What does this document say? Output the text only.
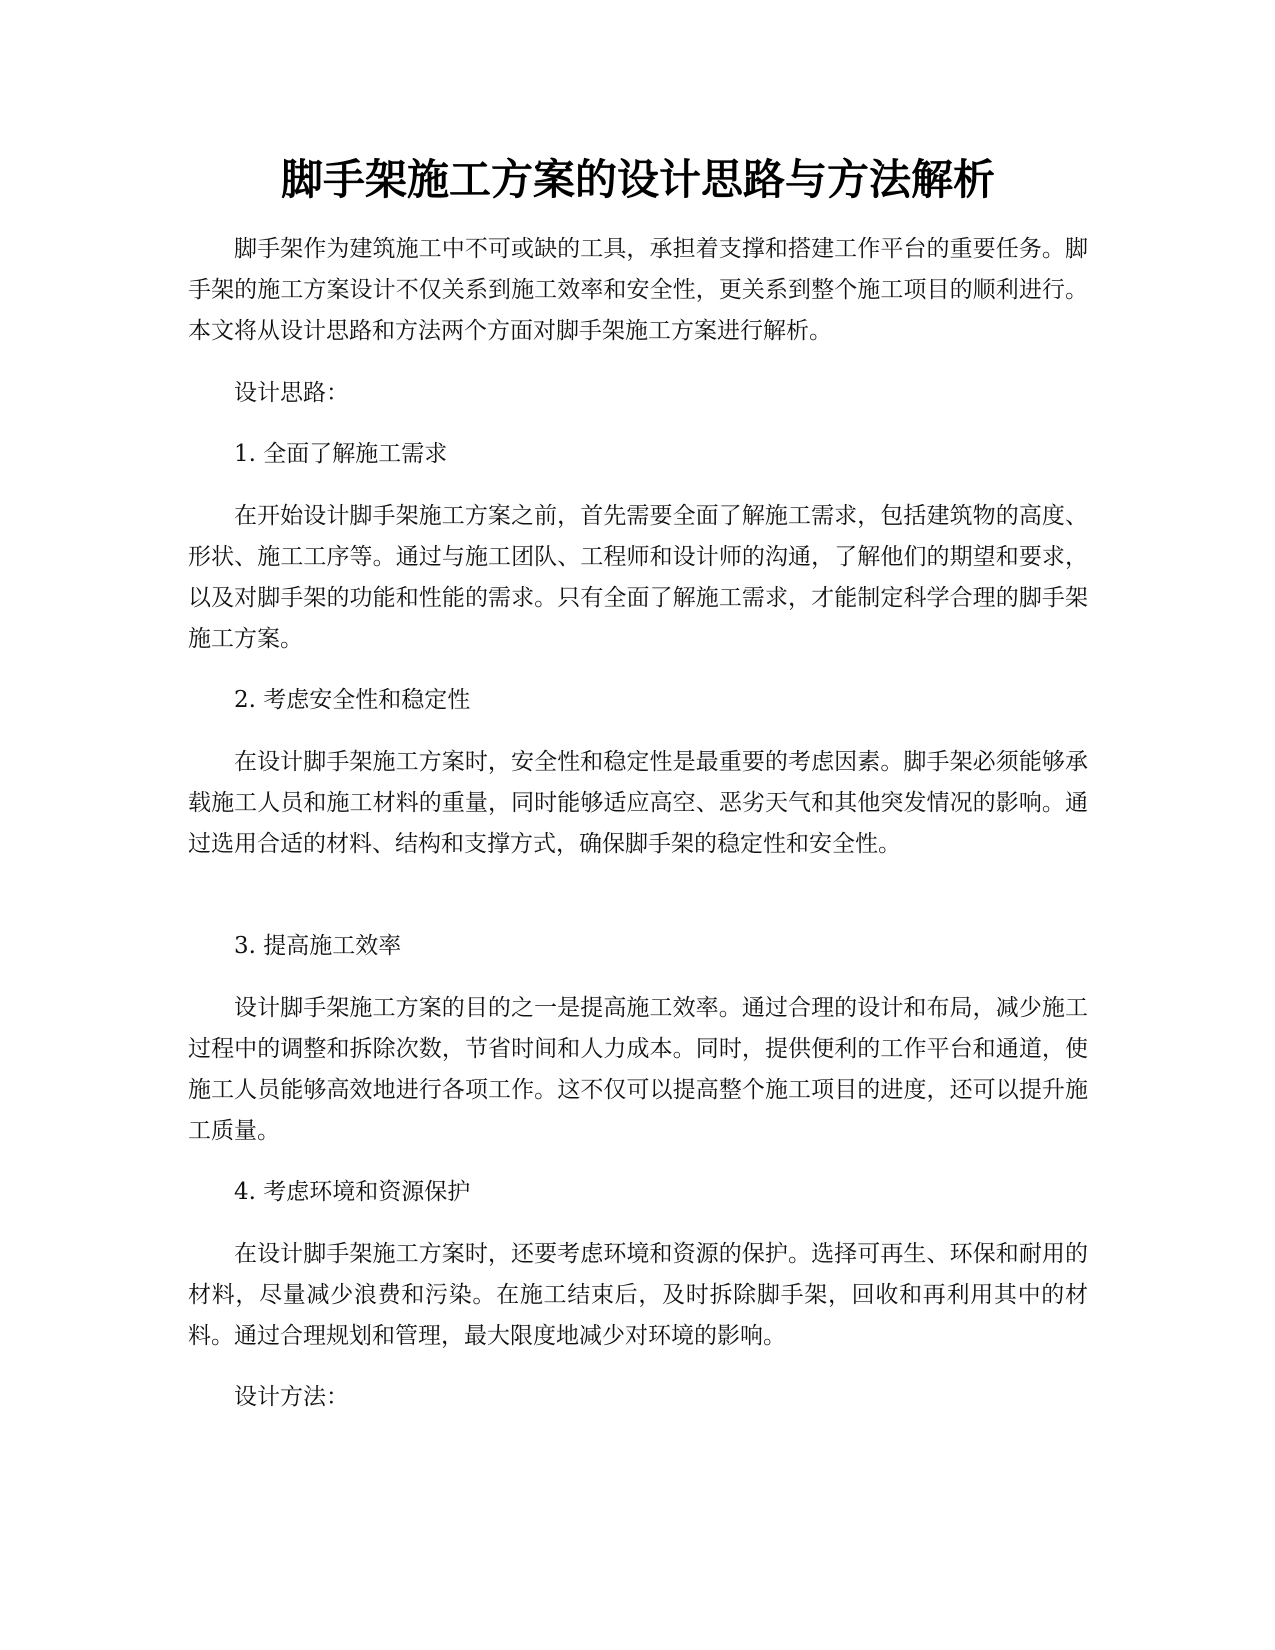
脚手架施工方案的设计思路与方法解析

脚手架作为建筑施工中不可或缺的工具，承担着支撑和搭建工作平台的重要任务。脚手架的施工方案设计不仅关系到施工效率和安全性，更关系到整个施工项目的顺利进行。本文将从设计思路和方法两个方面对脚手架施工方案进行解析。

设计思路：

1. 全面了解施工需求

在开始设计脚手架施工方案之前，首先需要全面了解施工需求，包括建筑物的高度、形状、施工工序等。通过与施工团队、工程师和设计师的沟通，了解他们的期望和要求，以及对脚手架的功能和性能的需求。只有全面了解施工需求，才能制定科学合理的脚手架施工方案。

2. 考虑安全性和稳定性

在设计脚手架施工方案时，安全性和稳定性是最重要的考虑因素。脚手架必须能够承载施工人员和施工材料的重量，同时能够适应高空、恶劣天气和其他突发情况的影响。通过选用合适的材料、结构和支撑方式，确保脚手架的稳定性和安全性。

3. 提高施工效率

设计脚手架施工方案的目的之一是提高施工效率。通过合理的设计和布局，减少施工过程中的调整和拆除次数，节省时间和人力成本。同时，提供便利的工作平台和通道，使施工人员能够高效地进行各项工作。这不仅可以提高整个施工项目的进度，还可以提升施工质量。

4. 考虑环境和资源保护

在设计脚手架施工方案时，还要考虑环境和资源的保护。选择可再生、环保和耐用的材料，尽量减少浪费和污染。在施工结束后，及时拆除脚手架，回收和再利用其中的材料。通过合理规划和管理，最大限度地减少对环境的影响。

设计方法：
